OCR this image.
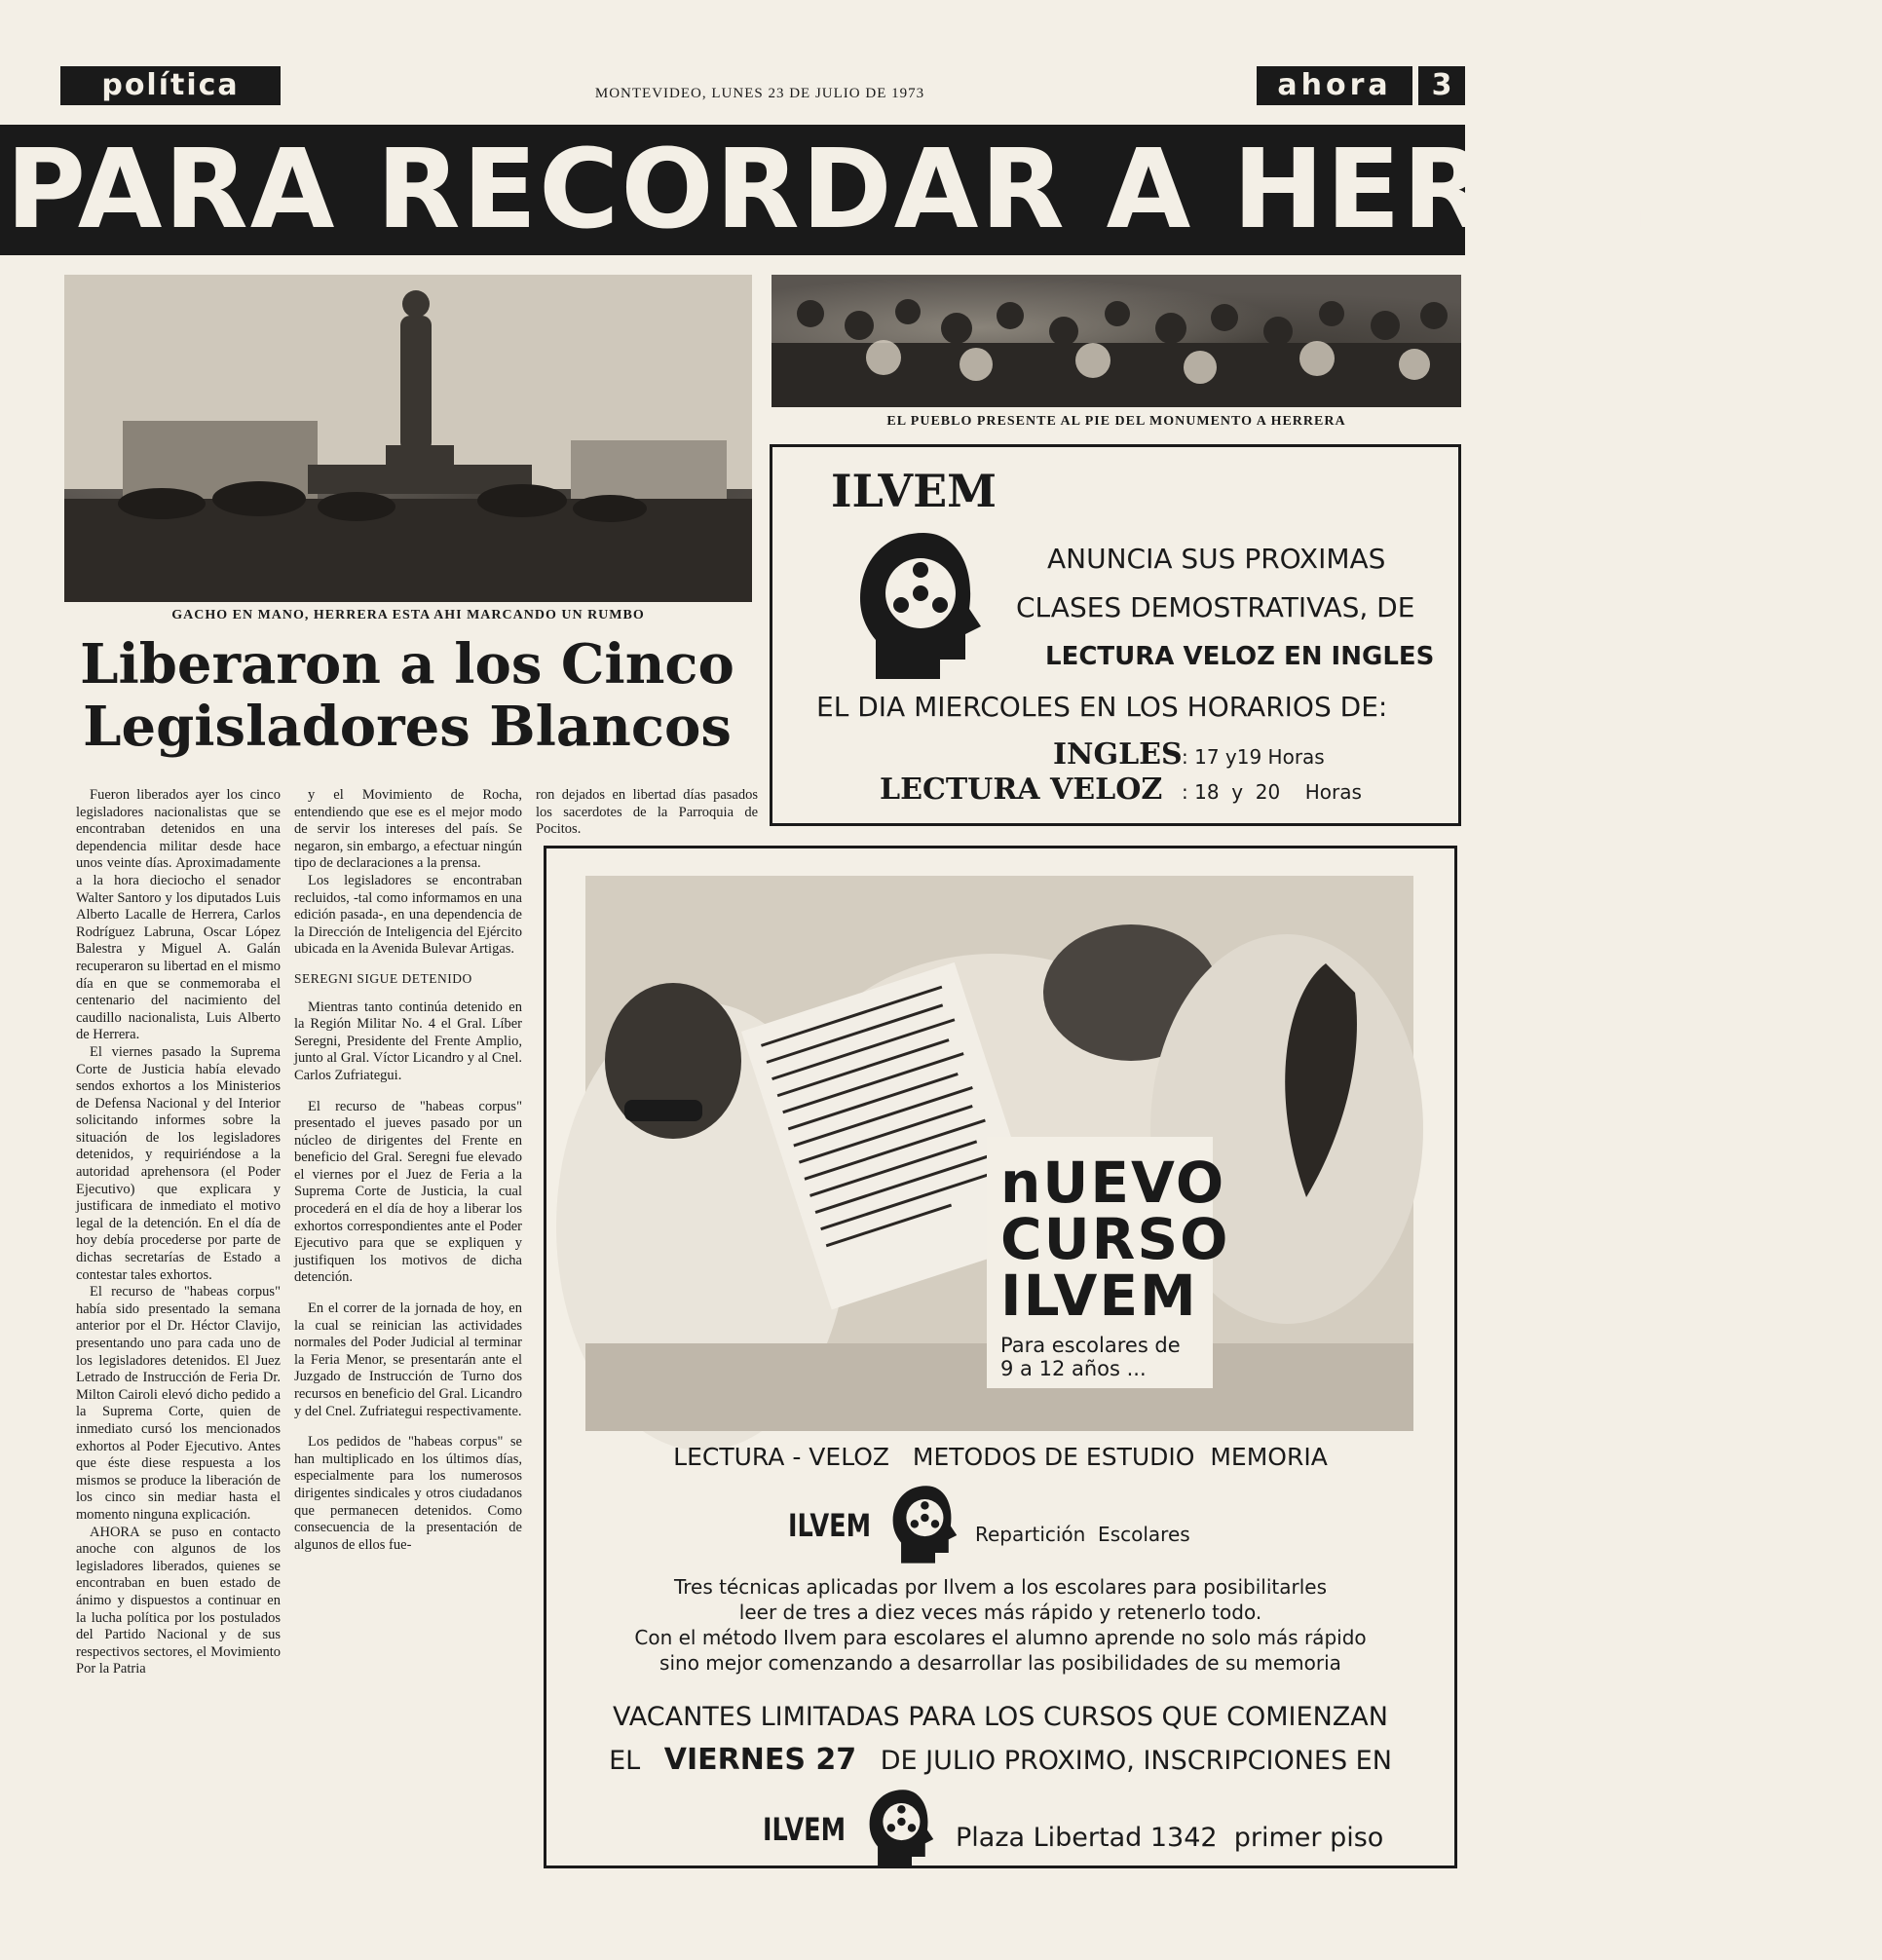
política	MONTEVIDEO, LUNES 23 DE JULIO DE 1973	ahora	3
PARA RECORDAR A HERRERA"
EL PUEBLO PRESENTE AL PIE DEL MONUMENTO A HERRERA
GACHO EN MANO, HERRERA ESTA AHI MARCANDO UN RUMBO
Liberaron a los Cinco
Legisladores Blancos

Fueron liberados ayer los cinco legisladores nacionalistas que se encontraban detenidos en una dependencia militar desde hace unos veinte días. Aproximadamente a la hora dieciocho el senador Walter Santoro y los diputados Luis Alberto Lacalle de Herrera, Carlos Rodríguez Labruna, Oscar López Balestra y Miguel A. Galán recuperaron su libertad en el mismo día en que se conmemoraba el centenario del nacimiento del caudillo nacionalista, Luis Alberto de Herrera.

El viernes pasado la Suprema Corte de Justicia había elevado sendos exhortos a los Ministerios de Defensa Nacional y del Interior solicitando informes sobre la situación de los legisladores detenidos, y requiriéndose a la autoridad aprehensora (el Poder Ejecutivo) que explicara y justificara de inmediato el motivo legal de la detención. En el día de hoy debía procederse por parte de dichas secretarías de Estado a contestar tales exhortos.

El recurso de "habeas corpus" había sido presentado la semana anterior por el Dr. Héctor Clavijo, presentando uno para cada uno de los legisladores detenidos. El Juez Letrado de Instrucción de Feria Dr. Milton Cairoli elevó dicho pedido a la Suprema Corte, quien de inmediato cursó los mencionados exhortos al Poder Ejecutivo. Antes que éste diese respuesta a los mismos se produce la liberación de los cinco sin mediar hasta el momento ninguna explicación.

AHORA se puso en contacto anoche con algunos de los legisladores liberados, quienes se encontraban en buen estado de ánimo y dispuestos a continuar en la lucha política por los postulados del Partido Nacional y de sus respectivos sectores, el Movimiento Por la Patria

y el Movimiento de Rocha, entendiendo que ese es el mejor modo de servir los intereses del país. Se negaron, sin embargo, a efectuar ningún tipo de declaraciones a la prensa.

Los legisladores se encontraban recluidos, -tal como informamos en una edición pasada-, en una dependencia de la Dirección de Inteligencia del Ejército ubicada en la Avenida Bulevar Artigas.

SEREGNI SIGUE DETENIDO

Mientras tanto continúa detenido en la Región Militar No. 4 el Gral. Líber Seregni, Presidente del Frente Amplio, junto al Gral. Víctor Licandro y al Cnel. Carlos Zufriategui.

El recurso de "habeas corpus" presentado el jueves pasado por un núcleo de dirigentes del Frente en beneficio del Gral. Seregni fue elevado el viernes por el Juez de Feria a la Suprema Corte de Justicia, la cual procederá en el día de hoy a liberar los exhortos correspondientes ante el Poder Ejecutivo para que se expliquen y justifiquen los motivos de dicha detención.

En el correr de la jornada de hoy, en la cual se reinician las actividades normales del Poder Judicial al terminar la Feria Menor, se presentarán ante el Juzgado de Instrucción de Turno dos recursos en beneficio del Gral. Licandro y del Cnel. Zufriategui respectivamente.

Los pedidos de "habeas corpus" se han multiplicado en los últimos días, especialmente para los numerosos dirigentes sindicales y otros ciudadanos que permanecen detenidos. Como consecuencia de la presentación de algunos de ellos fue-

ron dejados en libertad días pasados los sacerdotes de la Parroquia de Pocitos.

ILVEM
ANUNCIA SUS PROXIMAS
CLASES DEMOSTRATIVAS, DE
LECTURA VELOZ EN INGLES
EL DIA MIERCOLES EN LOS HORARIOS DE:
INGLES : 17 y19 Horas
LECTURA VELOZ : 18  y  20    Horas
nUEVO
CURSO
ILVEM
Para escolares de
9 a 12 años ...
LECTURA - VELOZ   METODOS DE ESTUDIO  MEMORIA
ILVEM	Repartición  Escolares
Tres técnicas aplicadas por Ilvem a los escolares para posibilitarles
leer de tres a diez veces más rápido y retenerlo todo.
Con el método Ilvem para escolares el alumno aprende no solo más rápido
sino mejor comenzando a desarrollar las posibilidades de su memoria
VACANTES LIMITADAS PARA LOS CURSOS QUE COMIENZAN
EL VIERNES 27 DE JULIO PROXIMO, INSCRIPCIONES EN
ILVEM	Plaza Libertad 1342  primer piso
